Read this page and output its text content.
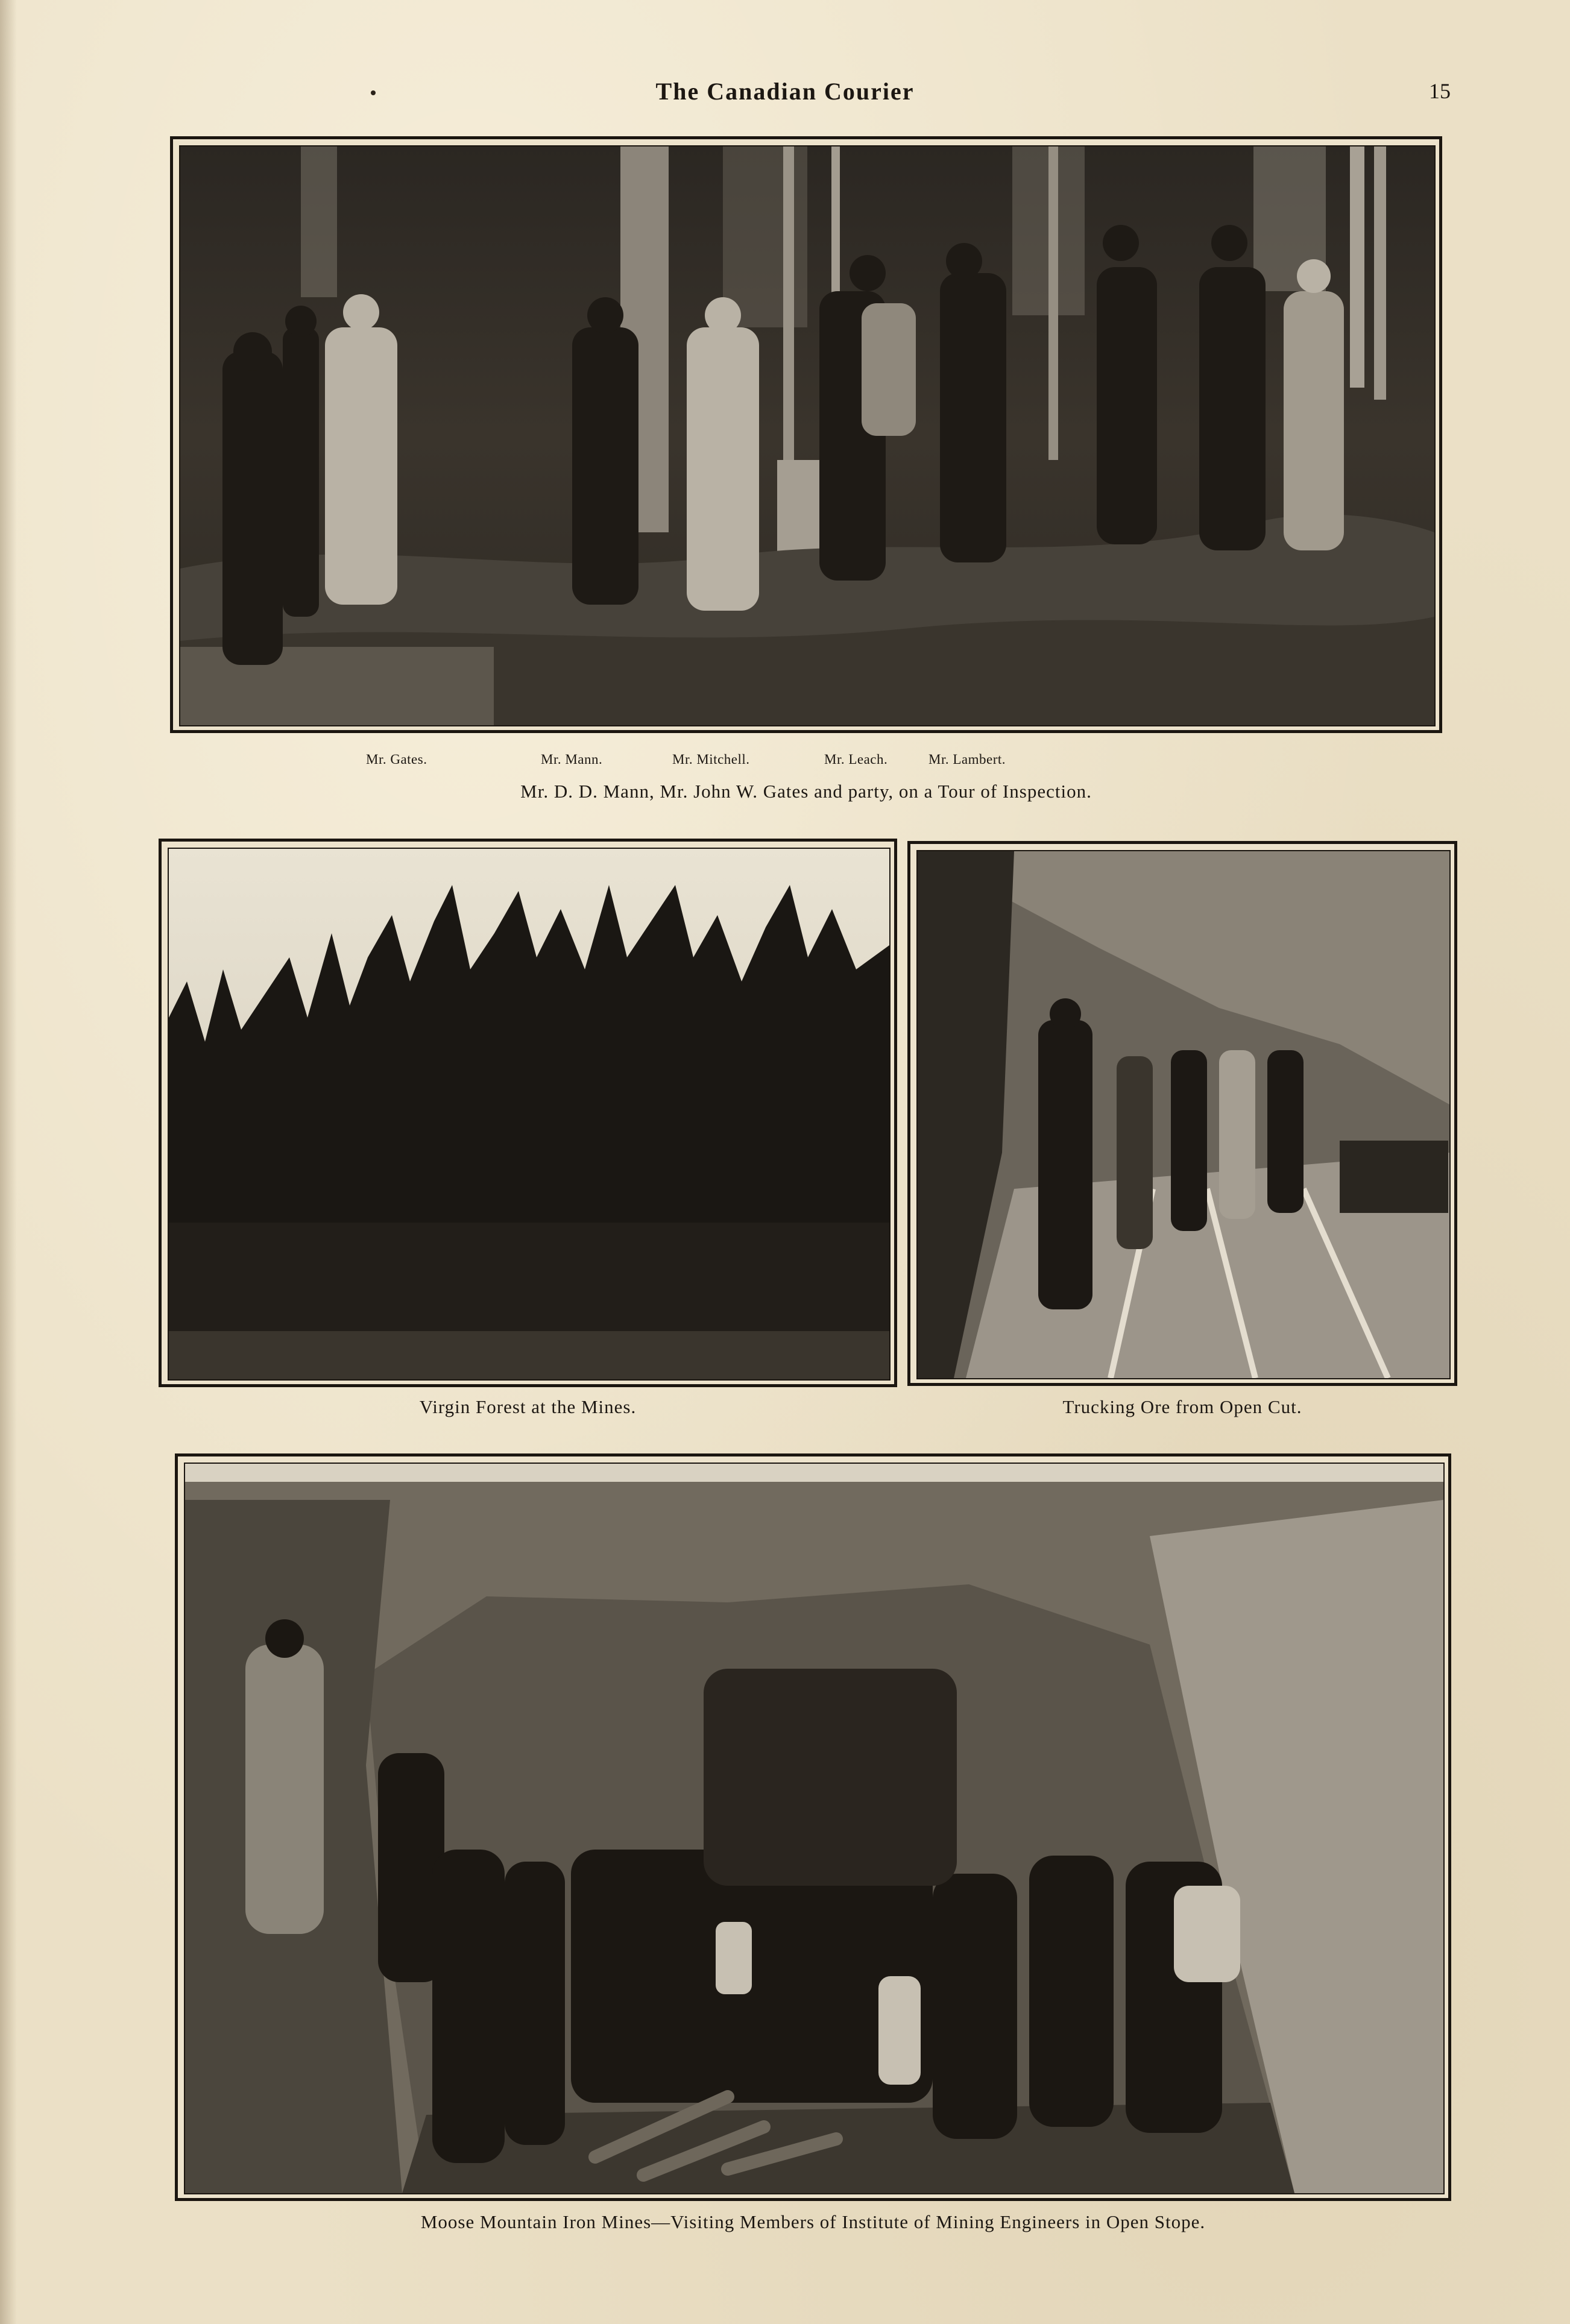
The Canadian Courier	15
Mr. Gates.	Mr. Mann.	Mr. Mitchell.	Mr. Leach.	Mr. Lambert.
Mr. D. D. Mann, Mr. John W. Gates and party, on a Tour of Inspection.
Virgin Forest at the Mines.	Trucking Ore from Open Cut.
Moose Mountain Iron Mines—Visiting Members of Institute of Mining Engineers in Open Stope.
